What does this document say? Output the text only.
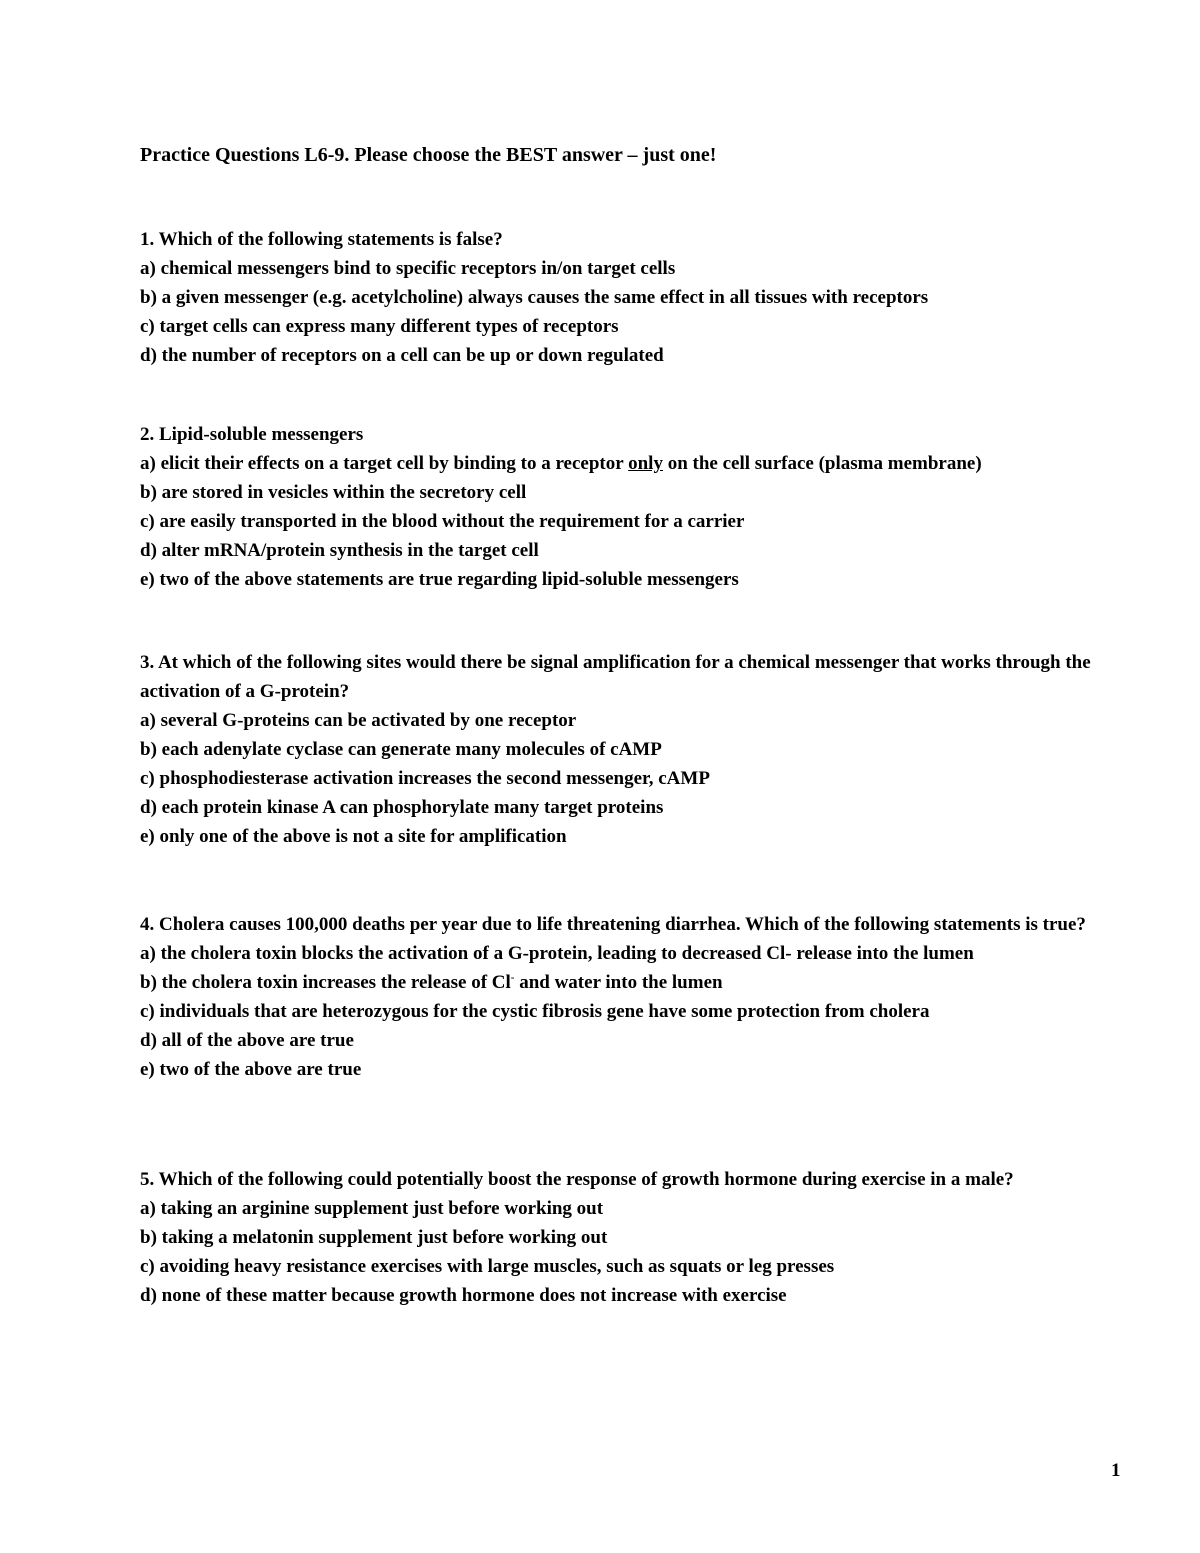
Practice Questions L6-9. Please choose the BEST answer – just one!

1. Which of the following statements is false?

a) chemical messengers bind to specific receptors in/on target cells

b) a given messenger (e.g. acetylcholine) always causes the same effect in all tissues with receptors

c) target cells can express many different types of receptors

d) the number of receptors on a cell can be up or down regulated

2. Lipid-soluble messengers

a) elicit their effects on a target cell by binding to a receptor only on the cell surface (plasma membrane)

b) are stored in vesicles within the secretory cell

c) are easily transported in the blood without the requirement for a carrier

d) alter mRNA/protein synthesis in the target cell

e) two of the above statements are true regarding lipid-soluble messengers

3. At which of the following sites would there be signal amplification for a chemical messenger that works through the activation of a G-protein?

a) several G-proteins can be activated by one receptor

b) each adenylate cyclase can generate many molecules of cAMP

c) phosphodiesterase activation increases the second messenger, cAMP

d) each protein kinase A can phosphorylate many target proteins

e) only one of the above is not a site for amplification

4. Cholera causes 100,000 deaths per year due to life threatening diarrhea. Which of the following statements is true?

a) the cholera toxin blocks the activation of a G-protein, leading to decreased Cl- release into the lumen

b) the cholera toxin increases the release of Cl- and water into the lumen

c) individuals that are heterozygous for the cystic fibrosis gene have some protection from cholera

d) all of the above are true

e) two of the above are true

5. Which of the following could potentially boost the response of growth hormone during exercise in a male?

a) taking an arginine supplement just before working out

b) taking a melatonin supplement just before working out

c) avoiding heavy resistance exercises with large muscles, such as squats or leg presses

d) none of these matter because growth hormone does not increase with exercise

1
